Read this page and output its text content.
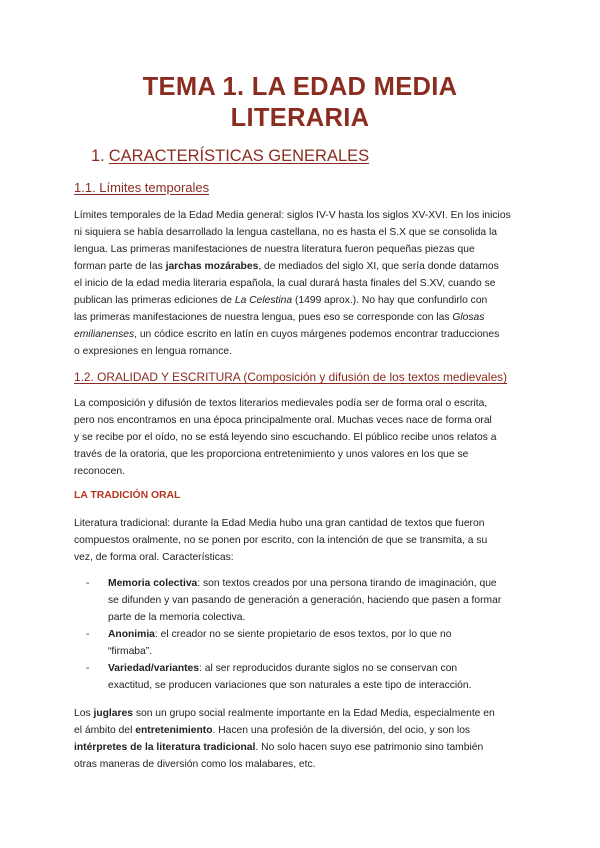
TEMA 1. LA EDAD MEDIA
LITERARIA
1. CARACTERÍSTICAS GENERALES
1.1. Límites temporales
Límites temporales de la Edad Media general: siglos IV-V hasta los siglos XV-XVI. En los inicios
ni siquiera se había desarrollado la lengua castellana, no es hasta el S.X que se consolida la
lengua. Las primeras manifestaciones de nuestra literatura fueron pequeñas piezas que
forman parte de las jarchas mozárabes, de mediados del siglo XI, que sería donde datamos
el inicio de la edad media literaria española, la cual durará hasta finales del S.XV, cuando se
publican las primeras ediciones de La Celestina (1499 aprox.). No hay que confundirlo con
las primeras manifestaciones de nuestra lengua, pues eso se corresponde con las Glosas
emilianenses, un códice escrito en latín en cuyos márgenes podemos encontrar traducciones
o expresiones en lengua romance.
1.2. ORALIDAD Y ESCRITURA (Composición y difusión de los textos medievales)
La composición y difusión de textos literarios medievales podía ser de forma oral o escrita,
pero nos encontramos en una época principalmente oral. Muchas veces nace de forma oral
y se recibe por el oído, no se está leyendo sino escuchando. El público recibe unos relatos a
través de la oratoria, que les proporciona entretenimiento y unos valores en los que se
reconocen.
LA TRADICIÓN ORAL
Literatura tradicional: durante la Edad Media hubo una gran cantidad de textos que fueron
compuestos oralmente, no se ponen por escrito, con la intención de que se transmita, a su
vez, de forma oral. Características:
- Memoria colectiva: son textos creados por una persona tirando de imaginación, que
se difunden y van pasando de generación a generación, haciendo que pasen a formar
parte de la memoria colectiva.
- Anonimia: el creador no se siente propietario de esos textos, por lo que no
“firmaba”.
- Variedad/variantes: al ser reproducidos durante siglos no se conservan con
exactitud, se producen variaciones que son naturales a este tipo de interacción.
Los juglares son un grupo social realmente importante en la Edad Media, especialmente en
el ámbito del entretenimiento. Hacen una profesión de la diversión, del ocio, y son los
intérpretes de la literatura tradicional. No solo hacen suyo ese patrimonio sino también
otras maneras de diversión como los malabares, etc.
